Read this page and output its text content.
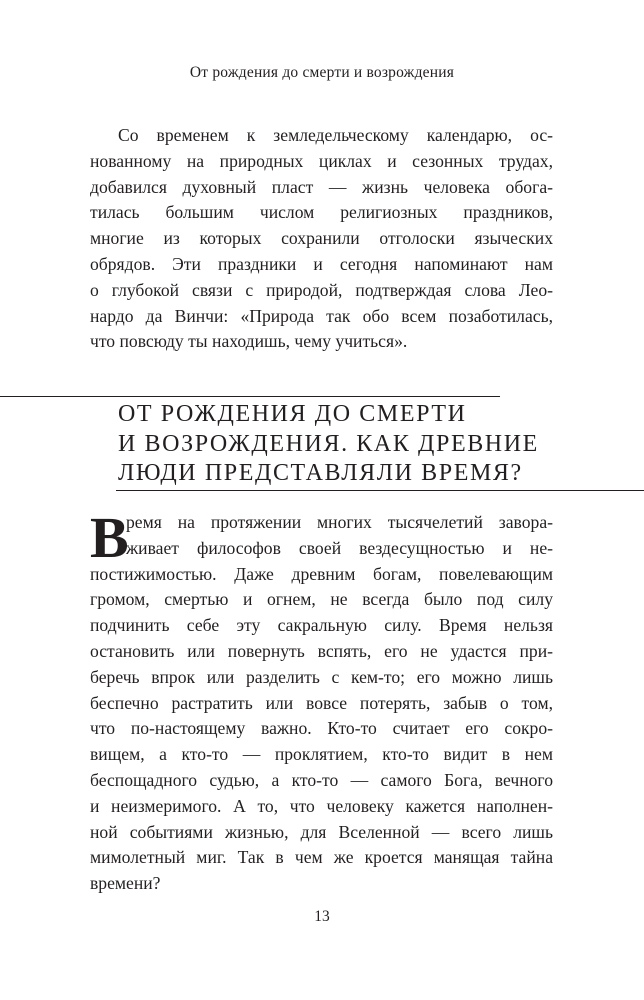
От рождения до смерти и возрождения
Со временем к земледельческому календарю, ос-
нованному на природных циклах и сезонных трудах,
добавился духовный пласт — жизнь человека обога-
тилась большим числом религиозных праздников,
многие из которых сохранили отголоски языческих
обрядов. Эти праздники и сегодня напоминают нам
о глубокой связи с природой, подтверждая слова Лео-
нардо да Винчи: «Природа так обо всем позаботилась,
что повсюду ты находишь, чему учиться».
ОТ РОЖДЕНИЯ ДО СМЕРТИ
И ВОЗРОЖДЕНИЯ. КАК ДРЕВНИЕ
ЛЮДИ ПРЕДСТАВЛЯЛИ ВРЕМЯ?
В
ремя на протяжении многих тысячелетий завора-
живает философов своей вездесущностью и не-
постижимостью. Даже древним богам, повелевающим
громом, смертью и огнем, не всегда было под силу
подчинить себе эту сакральную силу. Время нельзя
остановить или повернуть вспять, его не удастся при-
беречь впрок или разделить с кем-то; его можно лишь
беспечно растратить или вовсе потерять, забыв о том,
что по-настоящему важно. Кто-то считает его сокро-
вищем, а кто-то — проклятием, кто-то видит в нем
беспощадного судью, а кто-то — самого Бога, вечного
и неизмеримого. А то, что человеку кажется наполнен-
ной событиями жизнью, для Вселенной — всего лишь
мимолетный миг. Так в чем же кроется манящая тайна
времени?
13
